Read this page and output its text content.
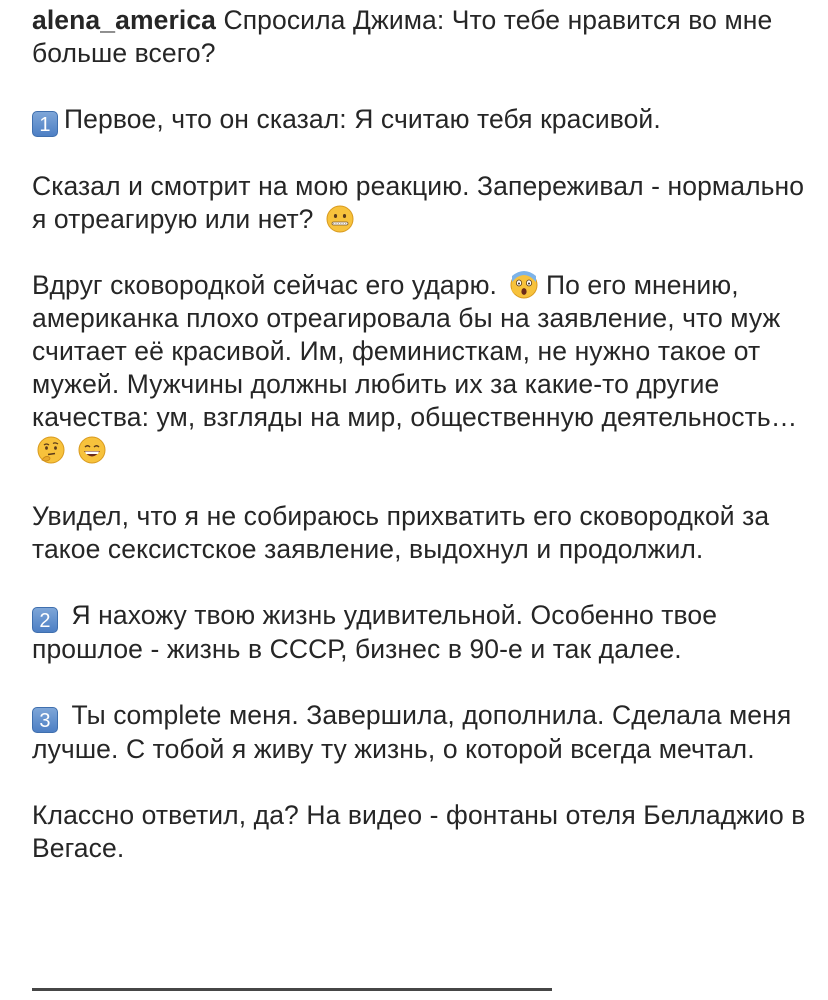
alena_america Спросила Джима: Что тебе нравится во мне больше всего?

1 Первое, что он сказал: Я считаю тебя красивой.

Сказал и смотрит на мою реакцию. Запереживал - нормально я отреагирую или нет?

Вдруг сковородкой сейчас его ударю.  По его мнению, американка плохо отреагировала бы на заявление, что муж считает её красивой. Им, феминисткам, не нужно такое от мужей. Мужчины должны любить их за какие-то другие качества: ум, взгляды на мир, общественную деятельность…

Увидел, что я не собираюсь прихватить его сковородкой за такое сексистское заявление, выдохнул и продолжил.

2 Я нахожу твою жизнь удивительной. Особенно твое прошлое - жизнь в СССР, бизнес в 90-е и так далее.

3 Ты complete меня. Завершила, дополнила. Сделала меня лучше. С тобой я живу ту жизнь, о которой всегда мечтал.

Классно ответил, да? На видео - фонтаны отеля Белладжио в Вегасе.
